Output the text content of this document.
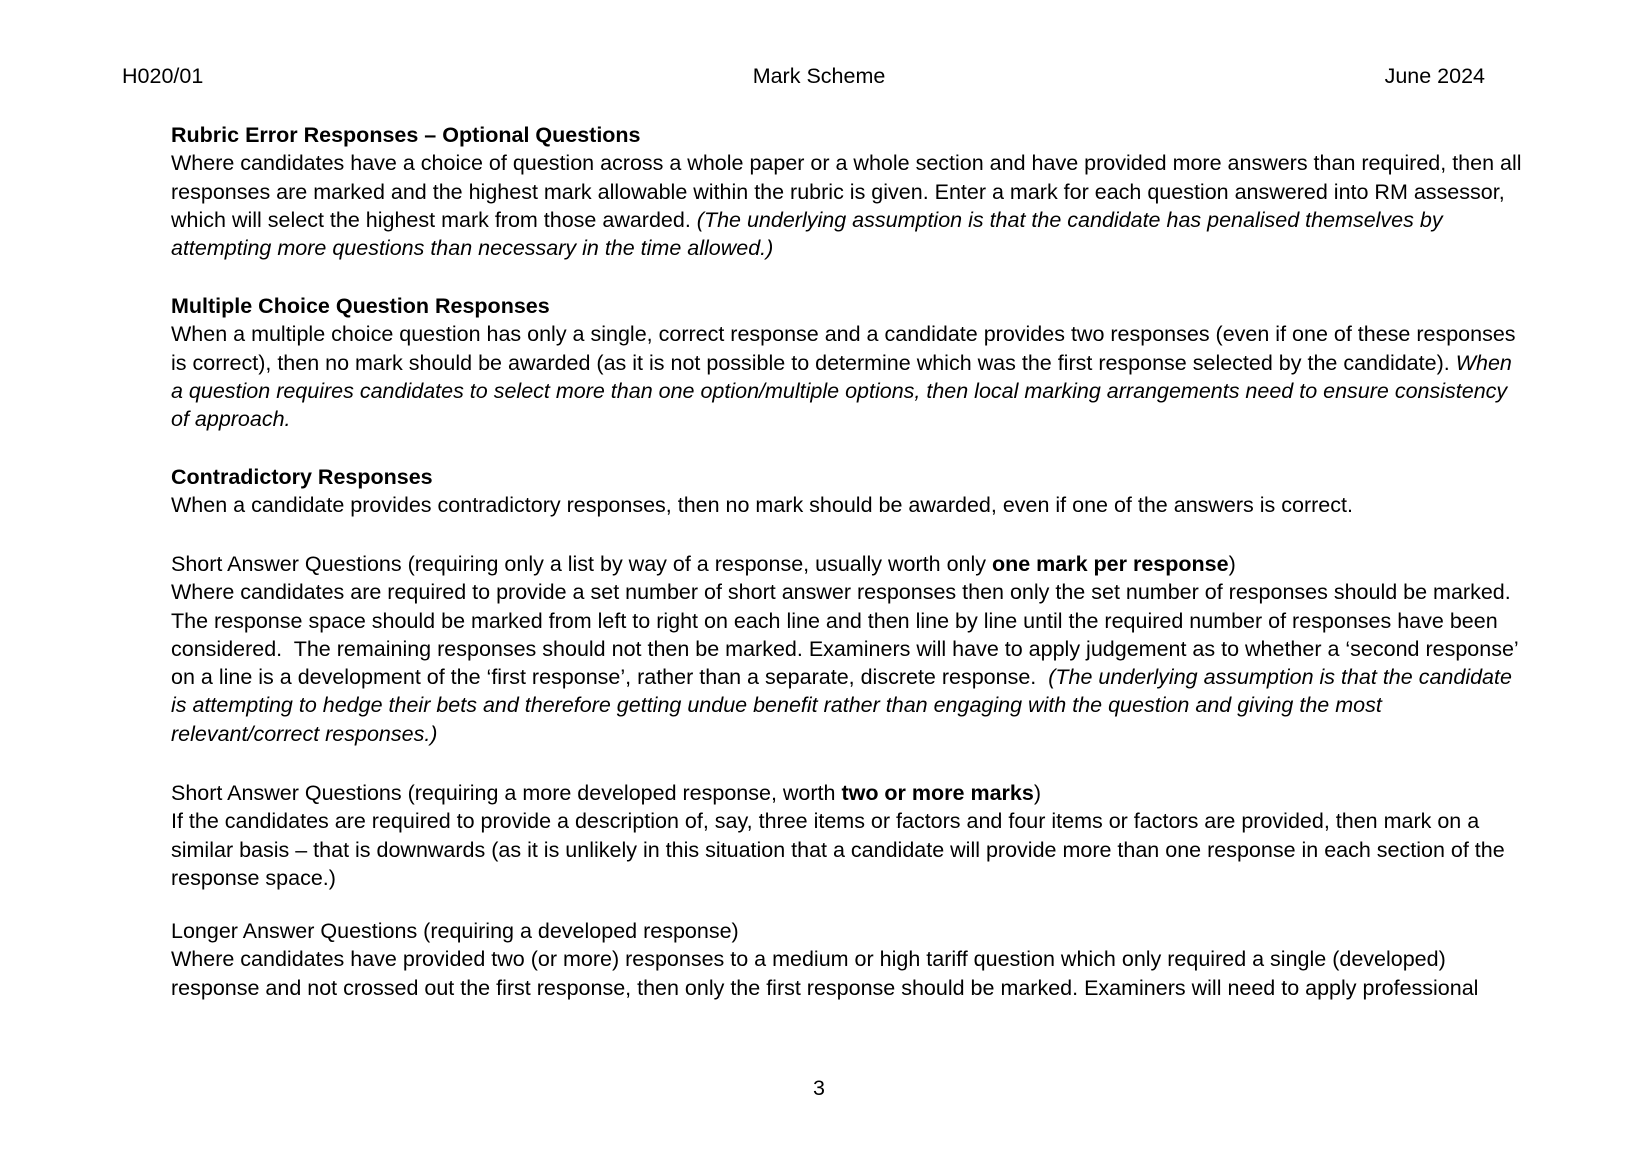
H020/01	Mark Scheme	June 2024
Rubric Error Responses – Optional Questions
Where candidates have a choice of question across a whole paper or a whole section and have provided more answers than required, then all responses are marked and the highest mark allowable within the rubric is given. Enter a mark for each question answered into RM assessor, which will select the highest mark from those awarded. (The underlying assumption is that the candidate has penalised themselves by attempting more questions than necessary in the time allowed.)
Multiple Choice Question Responses
When a multiple choice question has only a single, correct response and a candidate provides two responses (even if one of these responses is correct), then no mark should be awarded (as it is not possible to determine which was the first response selected by the candidate). When a question requires candidates to select more than one option/multiple options, then local marking arrangements need to ensure consistency of approach.
Contradictory Responses
When a candidate provides contradictory responses, then no mark should be awarded, even if one of the answers is correct.
Short Answer Questions (requiring only a list by way of a response, usually worth only one mark per response)
Where candidates are required to provide a set number of short answer responses then only the set number of responses should be marked. The response space should be marked from left to right on each line and then line by line until the required number of responses have been considered.  The remaining responses should not then be marked. Examiners will have to apply judgement as to whether a ‘second response’ on a line is a development of the ‘first response’, rather than a separate, discrete response.  (The underlying assumption is that the candidate is attempting to hedge their bets and therefore getting undue benefit rather than engaging with the question and giving the most relevant/correct responses.)
Short Answer Questions (requiring a more developed response, worth two or more marks)
If the candidates are required to provide a description of, say, three items or factors and four items or factors are provided, then mark on a similar basis – that is downwards (as it is unlikely in this situation that a candidate will provide more than one response in each section of the response space.)
Longer Answer Questions (requiring a developed response)
Where candidates have provided two (or more) responses to a medium or high tariff question which only required a single (developed) response and not crossed out the first response, then only the first response should be marked. Examiners will need to apply professional
3
